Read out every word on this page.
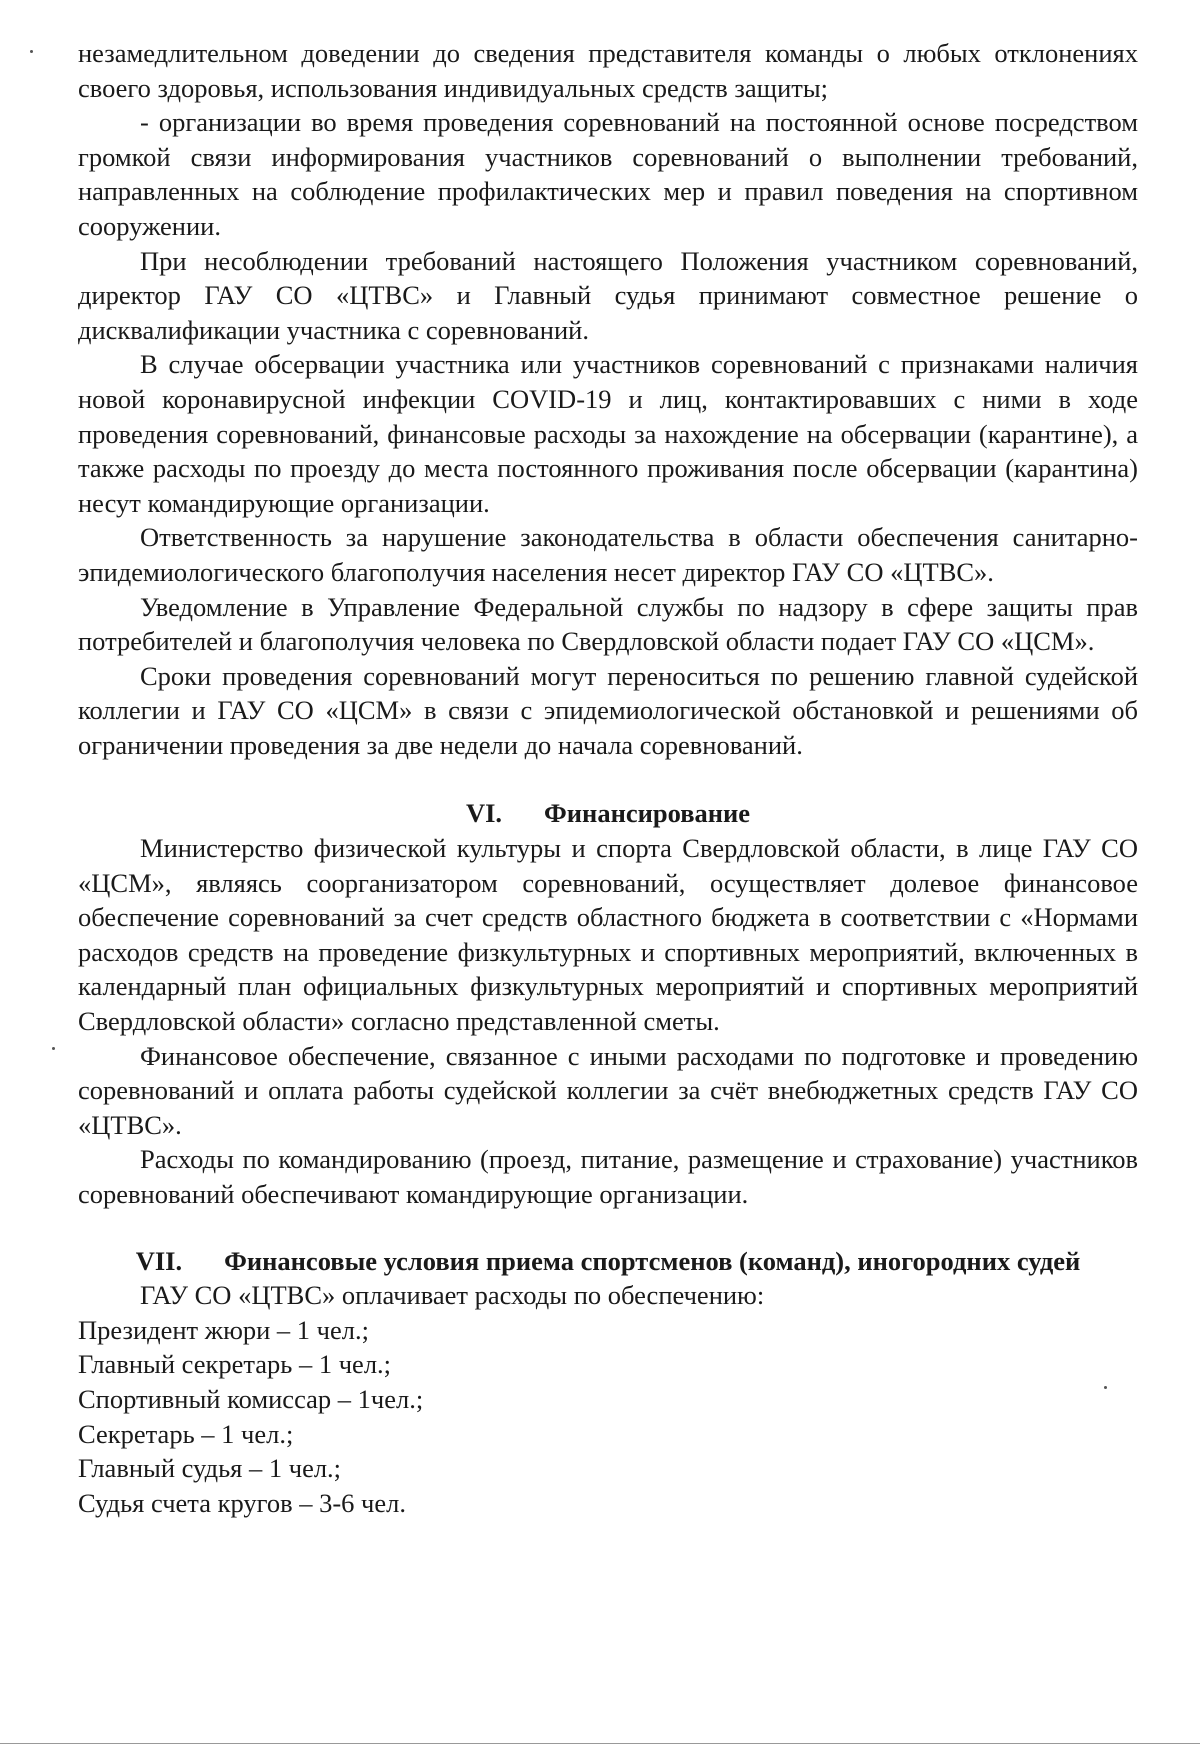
незамедлительном доведении до сведения представителя команды о любых отклонениях своего здоровья, использования индивидуальных средств защиты;

- организации во время проведения соревнований на постоянной основе посредством громкой связи информирования участников соревнований о выполнении требований, направленных на соблюдение профилактических мер и правил поведения на спортивном сооружении.

При несоблюдении требований настоящего Положения участником соревнований, директор ГАУ СО «ЦТВС» и Главный судья принимают совместное решение о дисквалификации участника с соревнований.

В случае обсервации участника или участников соревнований с признаками наличия новой коронавирусной инфекции COVID-19 и лиц, контактировавших с ними в ходе проведения соревнований, финансовые расходы за нахождение на обсервации (карантине), а также расходы по проезду до места постоянного проживания после обсервации (карантина) несут командирующие организации.

Ответственность за нарушение законодательства в области обеспечения санитарно-эпидемиологического благополучия населения несет директор ГАУ СО «ЦТВС».

Уведомление в Управление Федеральной службы по надзору в сфере защиты прав потребителей и благополучия человека по Свердловской области подает ГАУ СО «ЦСМ».

Сроки проведения соревнований могут переноситься по решению главной судейской коллегии и ГАУ СО «ЦСМ» в связи с эпидемиологической обстановкой и решениями об ограничении проведения за две недели до начала соревнований.

VI. Финансирование

Министерство физической культуры и спорта Свердловской области, в лице ГАУ СО «ЦСМ», являясь соорганизатором соревнований, осуществляет долевое финансовое обеспечение соревнований за счет средств областного бюджета в соответствии с «Нормами расходов средств на проведение физкультурных и спортивных мероприятий, включенных в календарный план официальных физкультурных мероприятий и спортивных мероприятий Свердловской области» согласно представленной сметы.

Финансовое обеспечение, связанное с иными расходами по подготовке и проведению соревнований и оплата работы судейской коллегии за счёт внебюджетных средств ГАУ СО «ЦТВС».

Расходы по командированию (проезд, питание, размещение и страхование) участников соревнований обеспечивают командирующие организации.

VII. Финансовые условия приема спортсменов (команд), иногородних судей

ГАУ СО «ЦТВС» оплачивает расходы по обеспечению:

Президент жюри – 1 чел.;
Главный секретарь – 1 чел.;
Спортивный комиссар – 1чел.;
Секретарь – 1 чел.;
Главный судья – 1 чел.;
Судья счета кругов – 3-6 чел.
